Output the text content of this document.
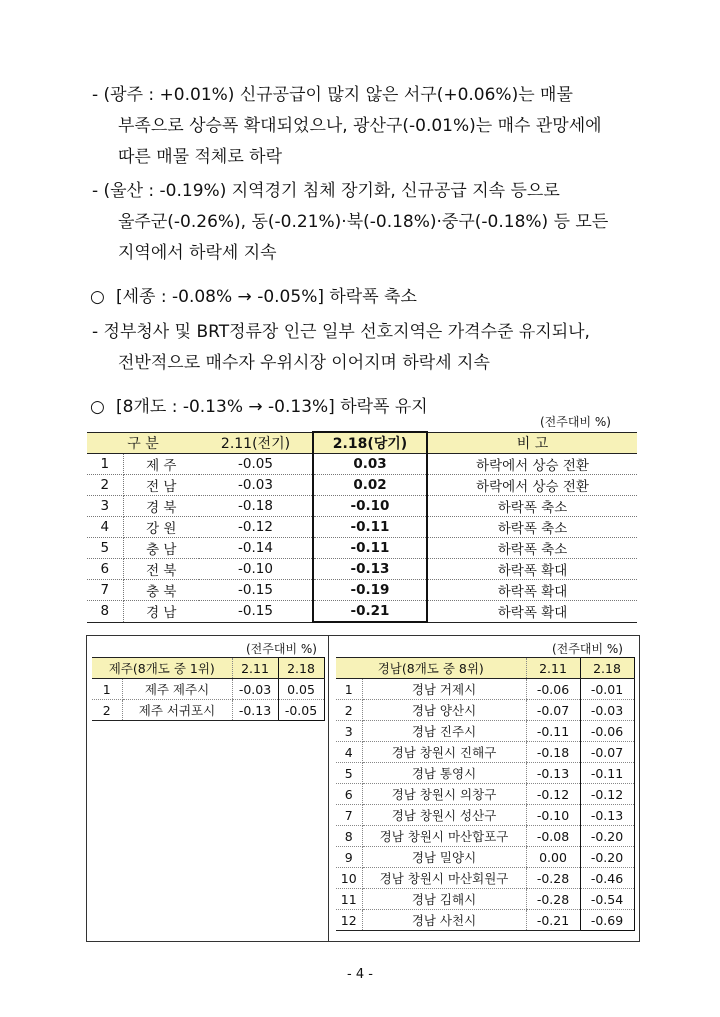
- (광주 : +0.01%) 신규공급이 많지 않은 서구(+0.06%)는 매물
부족으로 상승폭 확대되었으나, 광산구(-0.01%)는 매수 관망세에
따른 매물 적체로 하락
- (울산 : -0.19%) 지역경기 침체 장기화, 신규공급 지속 등으로
울주군(-0.26%), 동(-0.21%)·북(-0.18%)·중구(-0.18%) 등 모든
지역에서 하락세 지속
○ [세종 : -0.08% → -0.05%] 하락폭 축소
- 정부청사 및 BRT정류장 인근 일부 선호지역은 가격수준 유지되나,
전반적으로 매수자 우위시장 이어지며 하락세 지속
○ [8개도 : -0.13% → -0.13%] 하락폭 유지
(전주대비 %)
구 분		2.11(전기)	2.18(당기)	비 고
1	제 주	-0.05	0.03	하락에서 상승 전환
2	전 남	-0.03	0.02	하락에서 상승 전환
3	경 북	-0.18	-0.10	하락폭 축소
4	강 원	-0.12	-0.11	하락폭 축소
5	충 남	-0.14	-0.11	하락폭 축소
6	전 북	-0.10	-0.13	하락폭 확대
7	충 북	-0.15	-0.19	하락폭 확대
8	경 남	-0.15	-0.21	하락폭 확대
(전주대비 %)
제주(8개도 중 1위)		2.11	2.18
1	제주 제주시	-0.03	0.05
2	제주 서귀포시	-0.13	-0.05
(전주대비 %)
경남(8개도 중 8위)		2.11	2.18
1	경남 거제시	-0.06	-0.01
2	경남 양산시	-0.07	-0.03
3	경남 진주시	-0.11	-0.06
4	경남 창원시 진해구	-0.18	-0.07
5	경남 통영시	-0.13	-0.11
6	경남 창원시 의창구	-0.12	-0.12
7	경남 창원시 성산구	-0.10	-0.13
8	경남 창원시 마산합포구	-0.08	-0.20
9	경남 밀양시	0.00	-0.20
10	경남 창원시 마산회원구	-0.28	-0.46
11	경남 김해시	-0.28	-0.54
12	경남 사천시	-0.21	-0.69
- 4 -
